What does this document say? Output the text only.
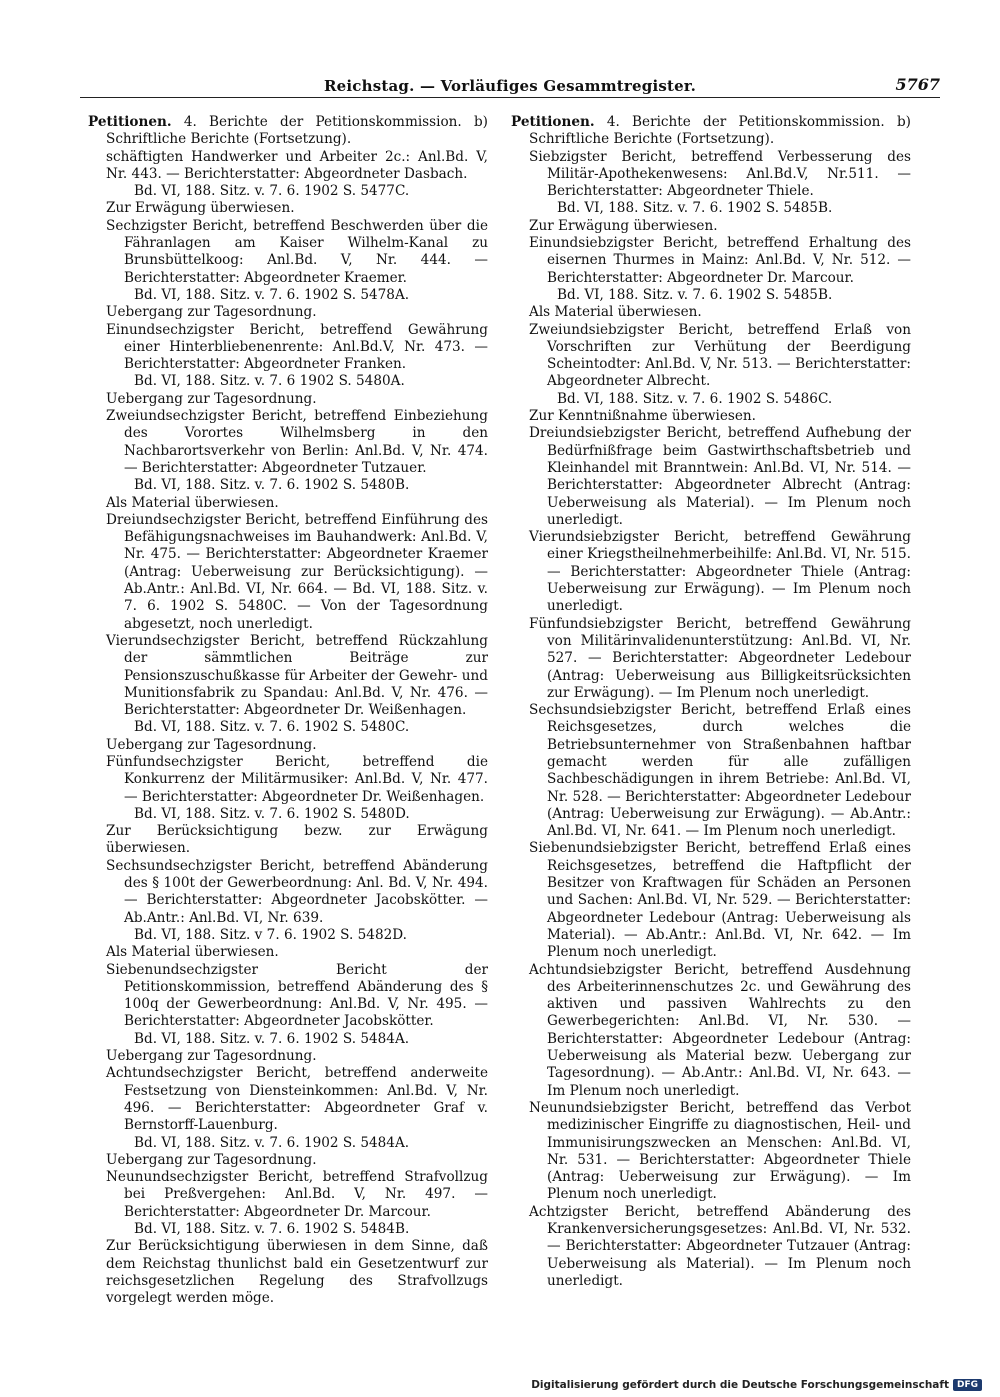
Reichstag. — Vorläufiges Gesammtregister.	5767

Petitionen. 4. Berichte der Petitionskommission. b) Schriftliche Berichte (Fortsetzung).

schäftigten Handwerker und Arbeiter 2c.: Anl.Bd. V, Nr. 443. — Berichterstatter: Abgeordneter Dasbach.

Bd. VI, 188. Sitz. v. 7. 6. 1902 S. 5477C.

Zur Erwägung überwiesen.

Sechzigster Bericht, betreffend Beschwerden über die Fähranlagen am Kaiser Wilhelm-Kanal zu Brunsbüttelkoog: Anl.Bd. V, Nr. 444. — Berichterstatter: Abgeordneter Kraemer.

Bd. VI, 188. Sitz. v. 7. 6. 1902 S. 5478A.

Uebergang zur Tagesordnung.

Einundsechzigster Bericht, betreffend Gewährung einer Hinterbliebenenrente: Anl.Bd.V, Nr. 473. — Berichterstatter: Abgeordneter Franken.

Bd. VI, 188. Sitz. v. 7. 6 1902 S. 5480A.

Uebergang zur Tagesordnung.

Zweiundsechzigster Bericht, betreffend Einbeziehung des Vorortes Wilhelmsberg in den Nachbarortsverkehr von Berlin: Anl.Bd. V, Nr. 474. — Berichterstatter: Abgeordneter Tutzauer.

Bd. VI, 188. Sitz. v. 7. 6. 1902 S. 5480B.

Als Material überwiesen.

Dreiundsechzigster Bericht, betreffend Einführung des Befähigungsnachweises im Bauhandwerk: Anl.Bd. V, Nr. 475. — Berichterstatter: Abgeordneter Kraemer (Antrag: Ueberweisung zur Berücksichtigung). — Ab.Antr.: Anl.Bd. VI, Nr. 664. — Bd. VI, 188. Sitz. v. 7. 6. 1902 S. 5480C. — Von der Tagesordnung abgesetzt, noch unerledigt.

Vierundsechzigster Bericht, betreffend Rückzahlung der sämmtlichen Beiträge zur Pensionszuschußkasse für Arbeiter der Gewehr- und Munitionsfabrik zu Spandau: Anl.Bd. V, Nr. 476. — Berichterstatter: Abgeordneter Dr. Weißenhagen.

Bd. VI, 188. Sitz. v. 7. 6. 1902 S. 5480C.

Uebergang zur Tagesordnung.

Fünfundsechzigster Bericht, betreffend die Konkurrenz der Militärmusiker: Anl.Bd. V, Nr. 477. — Berichterstatter: Abgeordneter Dr. Weißenhagen.

Bd. VI, 188. Sitz. v. 7. 6. 1902 S. 5480D.

Zur Berücksichtigung bezw. zur Erwägung überwiesen.

Sechsundsechzigster Bericht, betreffend Abänderung des § 100t der Gewerbeordnung: Anl. Bd. V, Nr. 494. — Berichterstatter: Abgeordneter Jacobskötter. — Ab.Antr.: Anl.Bd. VI, Nr. 639.

Bd. VI, 188. Sitz. v 7. 6. 1902 S. 5482D.

Als Material überwiesen.

Siebenundsechzigster Bericht der Petitionskommission, betreffend Abänderung des § 100q der Gewerbeordnung: Anl.Bd. V, Nr. 495. — Berichterstatter: Abgeordneter Jacobskötter.

Bd. VI, 188. Sitz. v. 7. 6. 1902 S. 5484A.

Uebergang zur Tagesordnung.

Achtundsechzigster Bericht, betreffend anderweite Festsetzung von Diensteinkommen: Anl.Bd. V, Nr. 496. — Berichterstatter: Abgeordneter Graf v. Bernstorff-Lauenburg.

Bd. VI, 188. Sitz. v. 7. 6. 1902 S. 5484A.

Uebergang zur Tagesordnung.

Neunundsechzigster Bericht, betreffend Strafvollzug bei Preßvergehen: Anl.Bd. V, Nr. 497. — Berichterstatter: Abgeordneter Dr. Marcour.

Bd. VI, 188. Sitz. v. 7. 6. 1902 S. 5484B.

Zur Berücksichtigung überwiesen in dem Sinne, daß dem Reichstag thunlichst bald ein Gesetzentwurf zur reichsgesetzlichen Regelung des Strafvollzugs vorgelegt werden möge.

Petitionen. 4. Berichte der Petitionskommission. b) Schriftliche Berichte (Fortsetzung).

Siebzigster Bericht, betreffend Verbesserung des Militär-Apothekenwesens: Anl.Bd.V, Nr.511. — Berichterstatter: Abgeordneter Thiele.

Bd. VI, 188. Sitz. v. 7. 6. 1902 S. 5485B.

Zur Erwägung überwiesen.

Einundsiebzigster Bericht, betreffend Erhaltung des eisernen Thurmes in Mainz: Anl.Bd. V, Nr. 512. — Berichterstatter: Abgeordneter Dr. Marcour.

Bd. VI, 188. Sitz. v. 7. 6. 1902 S. 5485B.

Als Material überwiesen.

Zweiundsiebzigster Bericht, betreffend Erlaß von Vorschriften zur Verhütung der Beerdigung Scheintodter: Anl.Bd. V, Nr. 513. — Berichterstatter: Abgeordneter Albrecht.

Bd. VI, 188. Sitz. v. 7. 6. 1902 S. 5486C.

Zur Kenntnißnahme überwiesen.

Dreiundsiebzigster Bericht, betreffend Aufhebung der Bedürfnißfrage beim Gastwirthschaftsbetrieb und Kleinhandel mit Branntwein: Anl.Bd. VI, Nr. 514. — Berichterstatter: Abgeordneter Albrecht (Antrag: Ueberweisung als Material). — Im Plenum noch unerledigt.

Vierundsiebzigster Bericht, betreffend Gewährung einer Kriegstheilnehmerbeihilfe: Anl.Bd. VI, Nr. 515. — Berichterstatter: Abgeordneter Thiele (Antrag: Ueberweisung zur Erwägung). — Im Plenum noch unerledigt.

Fünfundsiebzigster Bericht, betreffend Gewährung von Militärinvalidenunterstützung: Anl.Bd. VI, Nr. 527. — Berichterstatter: Abgeordneter Ledebour (Antrag: Ueberweisung aus Billigkeitsrücksichten zur Erwägung). — Im Plenum noch unerledigt.

Sechsundsiebzigster Bericht, betreffend Erlaß eines Reichsgesetzes, durch welches die Betriebsunternehmer von Straßenbahnen haftbar gemacht werden für alle zufälligen Sachbeschädigungen in ihrem Betriebe: Anl.Bd. VI, Nr. 528. — Berichterstatter: Abgeordneter Ledebour (Antrag: Ueberweisung zur Erwägung). — Ab.Antr.: Anl.Bd. VI, Nr. 641. — Im Plenum noch unerledigt.

Siebenundsiebzigster Bericht, betreffend Erlaß eines Reichsgesetzes, betreffend die Haftpflicht der Besitzer von Kraftwagen für Schäden an Personen und Sachen: Anl.Bd. VI, Nr. 529. — Berichterstatter: Abgeordneter Ledebour (Antrag: Ueberweisung als Material). — Ab.Antr.: Anl.Bd. VI, Nr. 642. — Im Plenum noch unerledigt.

Achtundsiebzigster Bericht, betreffend Ausdehnung des Arbeiterinnenschutzes 2c. und Gewährung des aktiven und passiven Wahlrechts zu den Gewerbegerichten: Anl.Bd. VI, Nr. 530. — Berichterstatter: Abgeordneter Ledebour (Antrag: Ueberweisung als Material bezw. Uebergang zur Tagesordnung). — Ab.Antr.: Anl.Bd. VI, Nr. 643. — Im Plenum noch unerledigt.

Neunundsiebzigster Bericht, betreffend das Verbot medizinischer Eingriffe zu diagnostischen, Heil- und Immunisirungszwecken an Menschen: Anl.Bd. VI, Nr. 531. — Berichterstatter: Abgeordneter Thiele (Antrag: Ueberweisung zur Erwägung). — Im Plenum noch unerledigt.

Achtzigster Bericht, betreffend Abänderung des Krankenversicherungsgesetzes: Anl.Bd. VI, Nr. 532. — Berichterstatter: Abgeordneter Tutzauer (Antrag: Ueberweisung als Material). — Im Plenum noch unerledigt.

Digitalisierung gefördert durch die Deutsche Forschungsgemeinschaft DFG
